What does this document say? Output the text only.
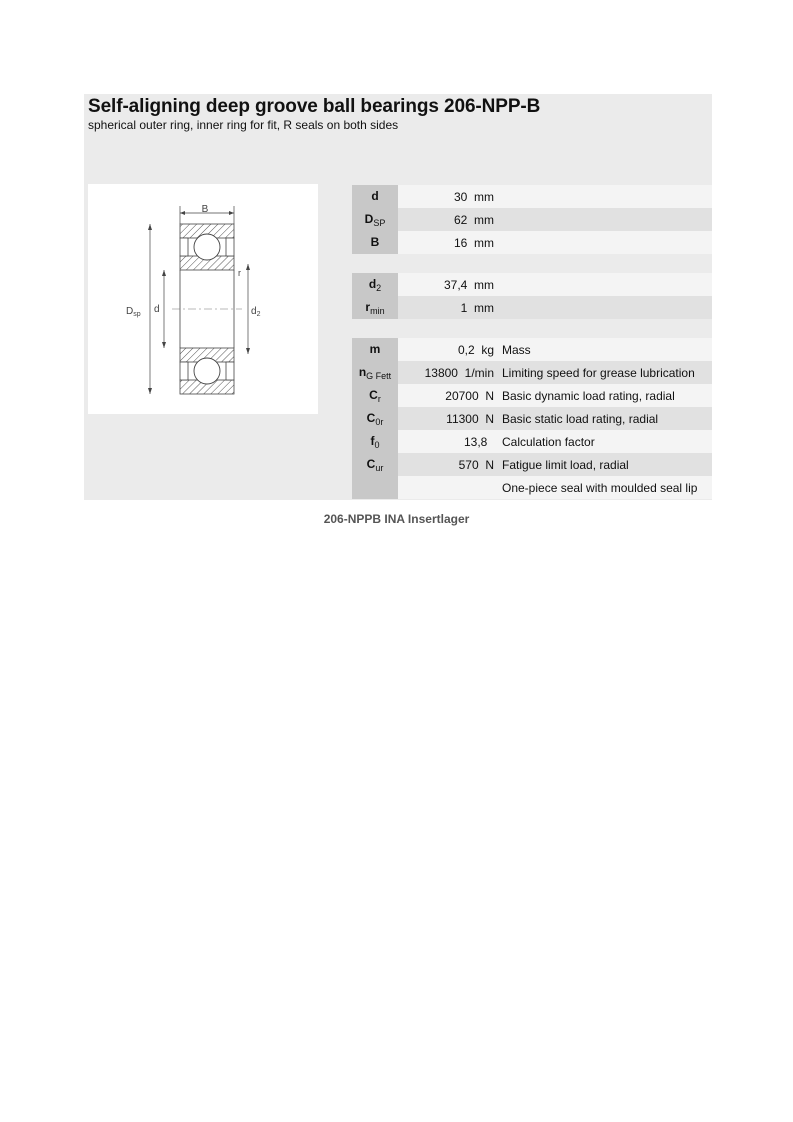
Self-aligning deep groove ball bearings 206-NPP-B
spherical outer ring, inner ring for fit, R seals on both sides
B
$D_{sp}$ d	$d_2$
r
d	30 mm	
$D_{SP}$	62 mm	
B	16 mm	

$d_2$	37,4 mm	
$r_{min}$	1 mm	

m	0,2 kg	Mass
$n_{G Fett}$	13800 1/min	Limiting speed for grease lubrication
$C_r$	20700 N	Basic dynamic load rating, radial
$C_{0r}$	11300 N	Basic static load rating, radial
$f_0$	13,8	Calculation factor
$C_{ur}$	570 N	Fatigue limit load, radial
		One-piece seal with moulded seal lip
206-NPPB INA Insertlager
